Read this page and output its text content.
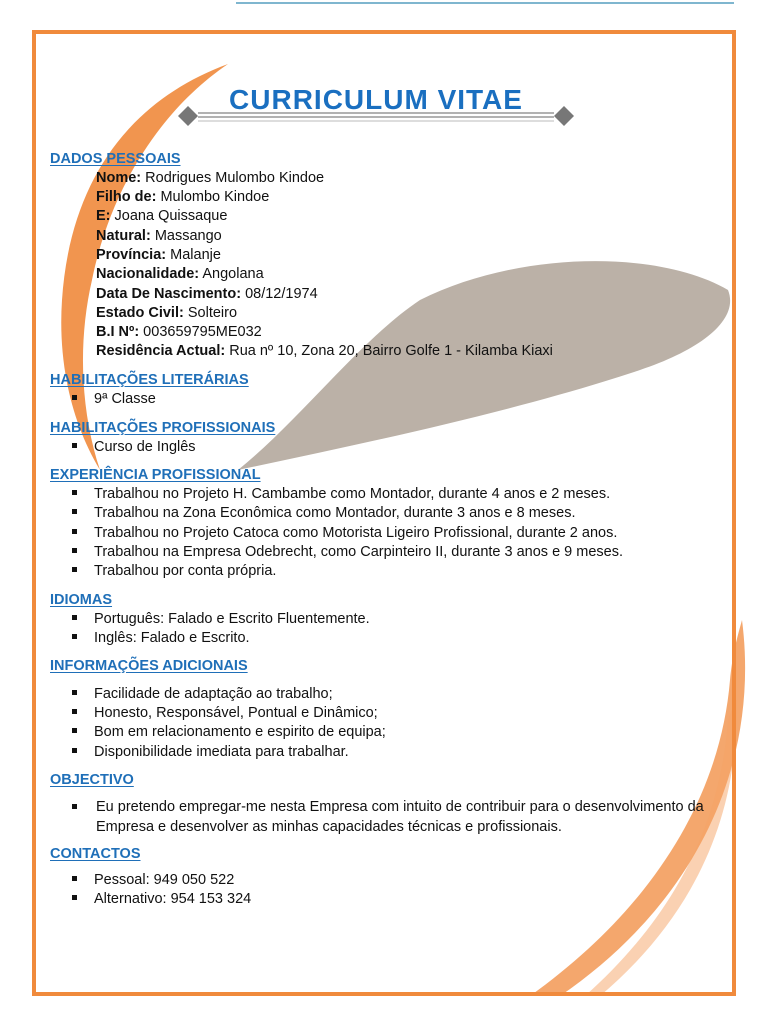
CURRICULUM VITAE
DADOS PESSOAIS
Nome: Rodrigues Mulombo Kindoe
Filho de: Mulombo Kindoe
E: Joana Quissaque
Natural: Massango
Província: Malanje
Nacionalidade: Angolana
Data De Nascimento: 08/12/1974
Estado Civil: Solteiro
B.I Nº: 003659795ME032
Residência Actual: Rua nº 10, Zona 20, Bairro Golfe 1 - Kilamba Kiaxi
HABILITAÇÕES LITERÁRIAS
9ª Classe
HABILITAÇÕES PROFISSIONAIS
Curso de Inglês
EXPERIÊNCIA PROFISSIONAL
Trabalhou no Projeto H. Cambambe como Montador, durante 4 anos e 2 meses.
Trabalhou na Zona Econômica como Montador, durante 3 anos e 8 meses.
Trabalhou no Projeto Catoca como Motorista Ligeiro Profissional, durante 2 anos.
Trabalhou na Empresa Odebrecht, como Carpinteiro II, durante 3 anos e 9 meses.
Trabalhou por conta própria.
IDIOMAS
Português: Falado e Escrito Fluentemente.
Inglês: Falado e Escrito.
INFORMAÇÕES ADICIONAIS
Facilidade de adaptação ao trabalho;
Honesto, Responsável, Pontual e Dinâmico;
Bom em relacionamento e espirito de equipa;
Disponibilidade imediata para trabalhar.
OBJECTIVO
Eu pretendo empregar-me nesta Empresa com intuito de contribuir para o desenvolvimento da Empresa e desenvolver as minhas capacidades técnicas e profissionais.
CONTACTOS
Pessoal: 949 050 522
Alternativo: 954 153 324
